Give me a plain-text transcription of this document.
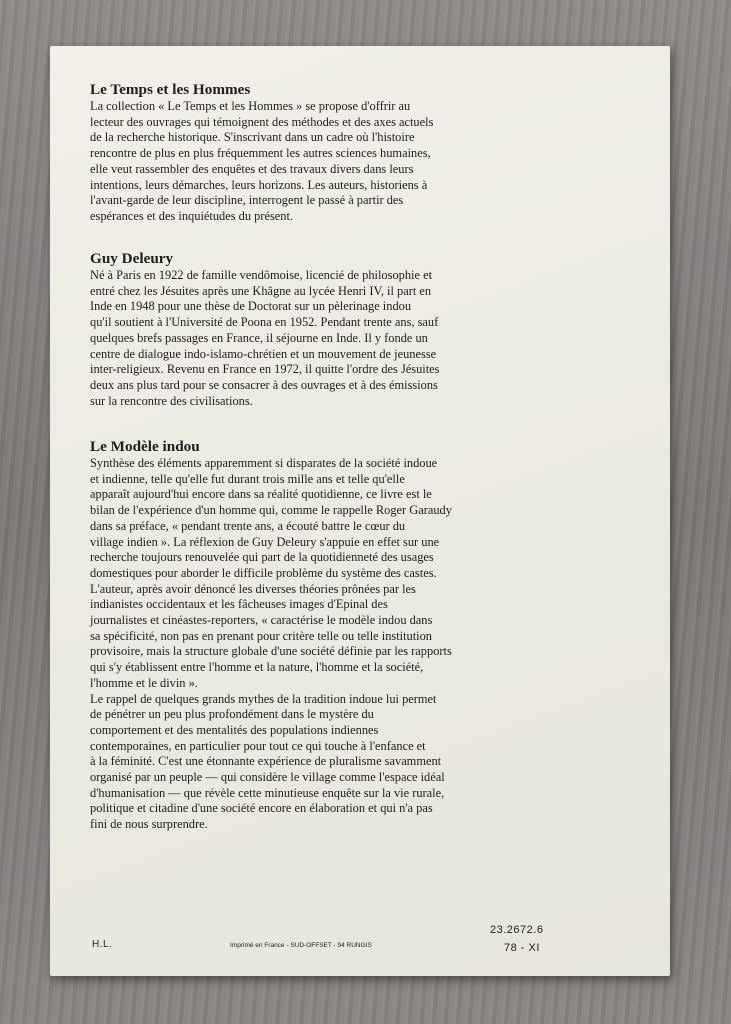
Le Temps et les Hommes
La collection « Le Temps et les Hommes » se propose d'offrir au
lecteur des ouvrages qui témoignent des méthodes et des axes actuels
de la recherche historique. S'inscrivant dans un cadre où l'histoire
rencontre de plus en plus fréquemment les autres sciences humaines,
elle veut rassembler des enquêtes et des travaux divers dans leurs
intentions, leurs démarches, leurs horizons. Les auteurs, historiens à
l'avant-garde de leur discipline, interrogent le passé à partir des
espérances et des inquiétudes du présent.
Guy Deleury
Né à Paris en 1922 de famille vendômoise, licencié de philosophie et
entré chez les Jésuites après une Khâgne au lycée Henri IV, il part en
Inde en 1948 pour une thèse de Doctorat sur un pèlerinage indou
qu'il soutient à l'Université de Poona en 1952. Pendant trente ans, sauf
quelques brefs passages en France, il séjourne en Inde. Il y fonde un
centre de dialogue indo-islamo-chrétien et un mouvement de jeunesse
inter-religieux. Revenu en France en 1972, il quitte l'ordre des Jésuites
deux ans plus tard pour se consacrer à des ouvrages et à des émissions
sur la rencontre des civilisations.
Le Modèle indou
Synthèse des éléments apparemment si disparates de la société indoue
et indienne, telle qu'elle fut durant trois mille ans et telle qu'elle
apparaît aujourd'hui encore dans sa réalité quotidienne, ce livre est le
bilan de l'expérience d'un homme qui, comme le rappelle Roger Garaudy
dans sa préface, « pendant trente ans, a écouté battre le cœur du
village indien ». La réflexion de Guy Deleury s'appuie en effet sur une
recherche toujours renouvelée qui part de la quotidienneté des usages
domestiques pour aborder le difficile problème du système des castes.
L'auteur, après avoir dénoncé les diverses théories prônées par les
indianistes occidentaux et les fâcheuses images d'Epinal des
journalistes et cinéastes-reporters, « caractérise le modèle indou dans
sa spécificité, non pas en prenant pour critère telle ou telle institution
provisoire, mais la structure globale d'une société définie par les rapports
qui s'y établissent entre l'homme et la nature, l'homme et la société,
l'homme et le divin ».
Le rappel de quelques grands mythes de la tradition indoue lui permet
de pénétrer un peu plus profondément dans le mystère du
comportement et des mentalités des populations indiennes
contemporaines, en particulier pour tout ce qui touche à l'enfance et
à la féminité. C'est une étonnante expérience de pluralisme savamment
organisé par un peuple — qui considère le village comme l'espace idéal
d'humanisation — que révèle cette minutieuse enquête sur la vie rurale,
politique et citadine d'une société encore en élaboration et qui n'a pas
fini de nous surprendre.
H.L.	Imprimé en France - SUD-OFFSET - 94 RUNGIS
23.2672.6
78 - XI
